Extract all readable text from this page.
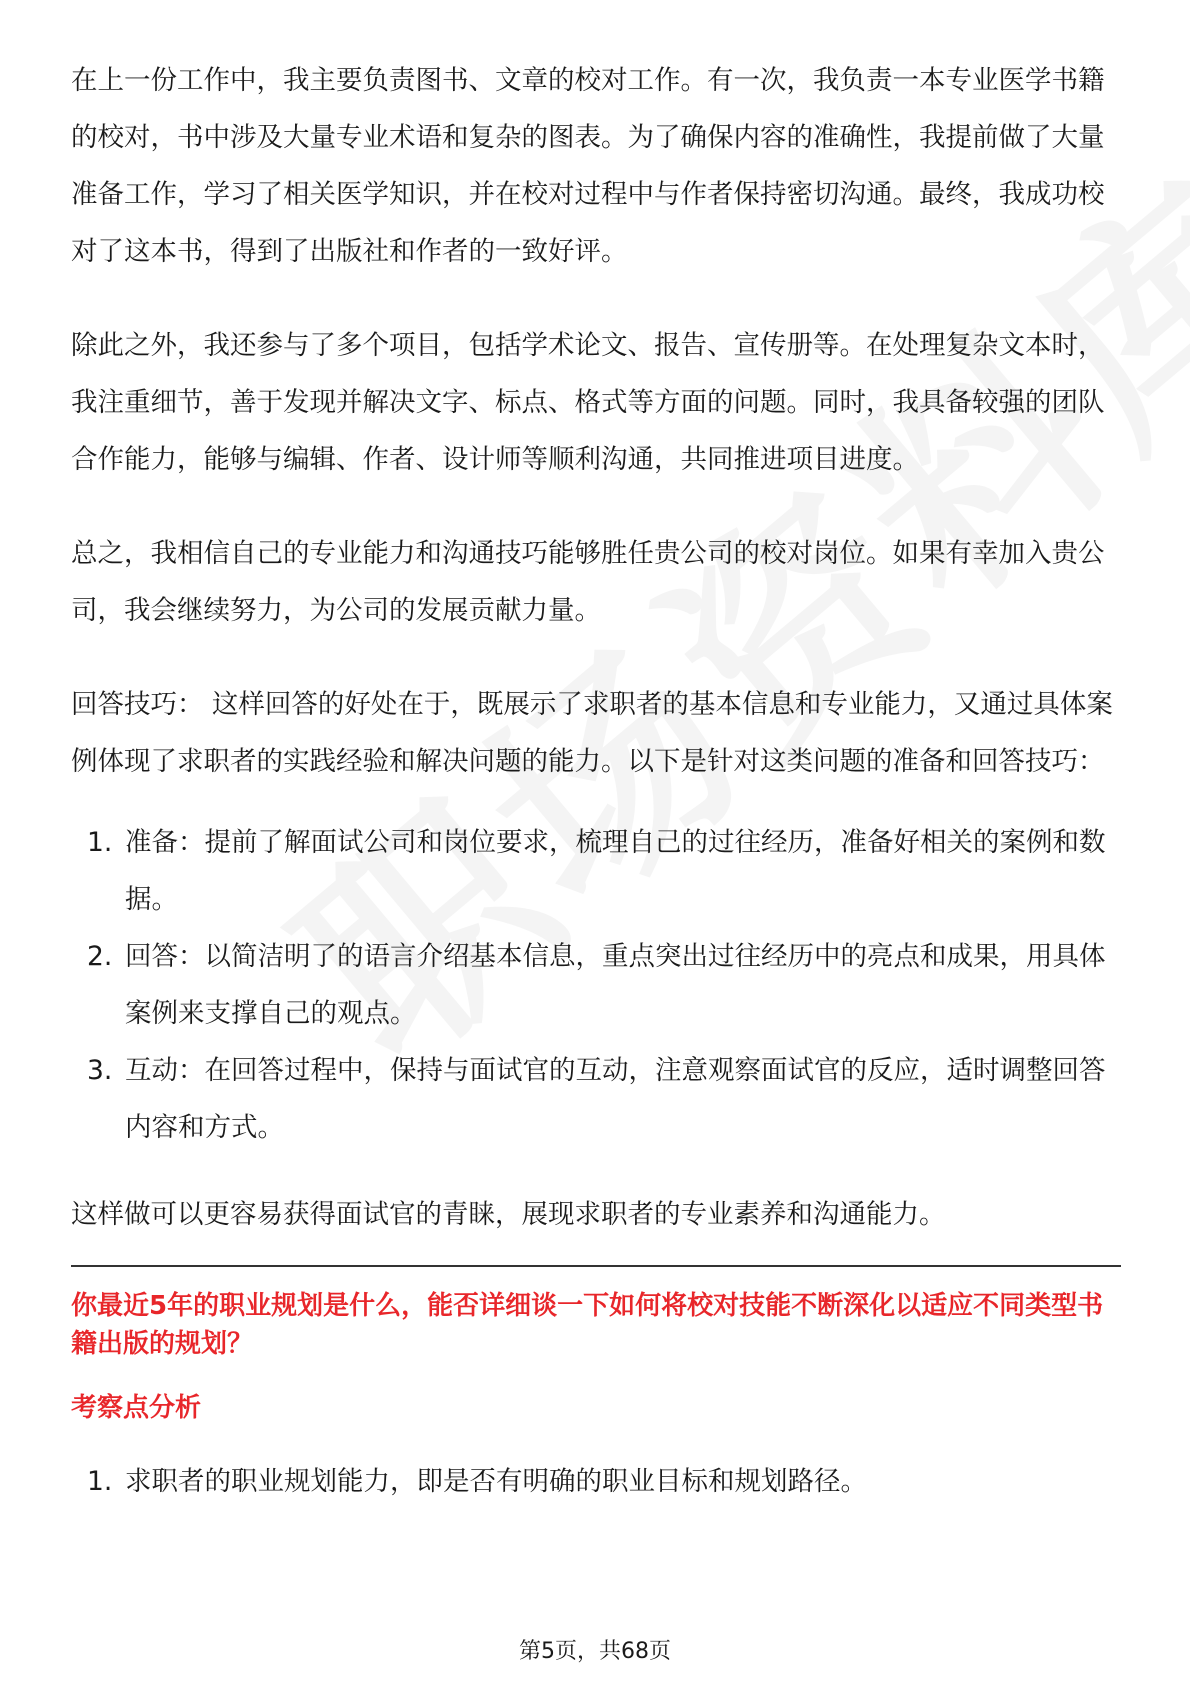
在上一份工作中，我主要负责图书、文章的校对工作。有一次，我负责一本专业医学书籍的校对，书中涉及大量专业术语和复杂的图表。为了确保内容的准确性，我提前做了大量准备工作，学习了相关医学知识，并在校对过程中与作者保持密切沟通。最终，我成功校对了这本书，得到了出版社和作者的一致好评。

除此之外，我还参与了多个项目，包括学术论文、报告、宣传册等。在处理复杂文本时，我注重细节，善于发现并解决文字、标点、格式等方面的问题。同时，我具备较强的团队合作能力，能够与编辑、作者、设计师等顺利沟通，共同推进项目进度。

总之，我相信自己的专业能力和沟通技巧能够胜任贵公司的校对岗位。如果有幸加入贵公司，我会继续努力，为公司的发展贡献力量。

回答技巧： 这样回答的好处在于，既展示了求职者的基本信息和专业能力，又通过具体案例体现了求职者的实践经验和解决问题的能力。以下是针对这类问题的准备和回答技巧：

1. 准备：提前了解面试公司和岗位要求，梳理自己的过往经历，准备好相关的案例和数据。
2. 回答：以简洁明了的语言介绍基本信息，重点突出过往经历中的亮点和成果，用具体案例来支撑自己的观点。
3. 互动：在回答过程中，保持与面试官的互动，注意观察面试官的反应，适时调整回答内容和方式。

这样做可以更容易获得面试官的青睐，展现求职者的专业素养和沟通能力。

你最近5年的职业规划是什么，能否详细谈一下如何将校对技能不断深化以适应不同类型书籍出版的规划？
考察点分析
1. 求职者的职业规划能力，即是否有明确的职业目标和规划路径。
第5页，共68页
